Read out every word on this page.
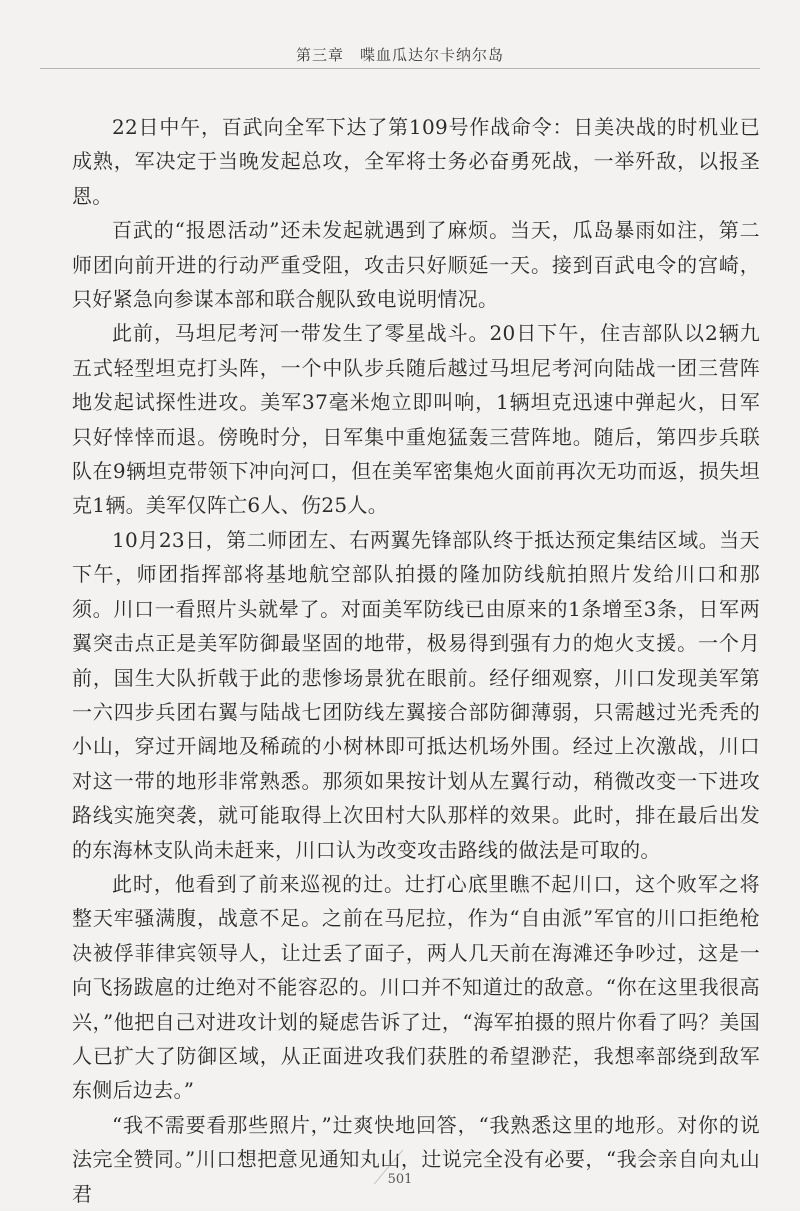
第三章　喋血瓜达尔卡纳尔岛

22日中午，百武向全军下达了第109号作战命令：日美决战的时机业已成熟，军决定于当晚发起总攻，全军将士务必奋勇死战，一举歼敌，以报圣恩。

百武的“报恩活动”还未发起就遇到了麻烦。当天，瓜岛暴雨如注，第二师团向前开进的行动严重受阻，攻击只好顺延一天。接到百武电令的宫崎，只好紧急向参谋本部和联合舰队致电说明情况。

此前，马坦尼考河一带发生了零星战斗。20日下午，住吉部队以2辆九五式轻型坦克打头阵，一个中队步兵随后越过马坦尼考河向陆战一团三营阵地发起试探性进攻。美军37毫米炮立即叫响，1辆坦克迅速中弹起火，日军只好悻悻而退。傍晚时分，日军集中重炮猛轰三营阵地。随后，第四步兵联队在9辆坦克带领下冲向河口，但在美军密集炮火面前再次无功而返，损失坦克1辆。美军仅阵亡6人、伤25人。

10月23日，第二师团左、右两翼先锋部队终于抵达预定集结区域。当天下午，师团指挥部将基地航空部队拍摄的隆加防线航拍照片发给川口和那须。川口一看照片头就晕了。对面美军防线已由原来的1条增至3条，日军两翼突击点正是美军防御最坚固的地带，极易得到强有力的炮火支援。一个月前，国生大队折戟于此的悲惨场景犹在眼前。经仔细观察，川口发现美军第一六四步兵团右翼与陆战七团防线左翼接合部防御薄弱，只需越过光秃秃的小山，穿过开阔地及稀疏的小树林即可抵达机场外围。经过上次激战，川口对这一带的地形非常熟悉。那须如果按计划从左翼行动，稍微改变一下进攻路线实施突袭，就可能取得上次田村大队那样的效果。此时，排在最后出发的东海林支队尚未赶来，川口认为改变攻击路线的做法是可取的。

此时，他看到了前来巡视的辻。辻打心底里瞧不起川口，这个败军之将整天牢骚满腹，战意不足。之前在马尼拉，作为“自由派”军官的川口拒绝枪决被俘菲律宾领导人，让辻丢了面子，两人几天前在海滩还争吵过，这是一向飞扬跋扈的辻绝对不能容忍的。川口并不知道辻的敌意。“你在这里我很高兴，”他把自己对进攻计划的疑虑告诉了辻，“海军拍摄的照片你看了吗？美国人已扩大了防御区域，从正面进攻我们获胜的希望渺茫，我想率部绕到敌军东侧后边去。”

“我不需要看那些照片，”辻爽快地回答，“我熟悉这里的地形。对你的说法完全赞同。”川口想把意见通知丸山，辻说完全没有必要，“我会亲自向丸山君

501
